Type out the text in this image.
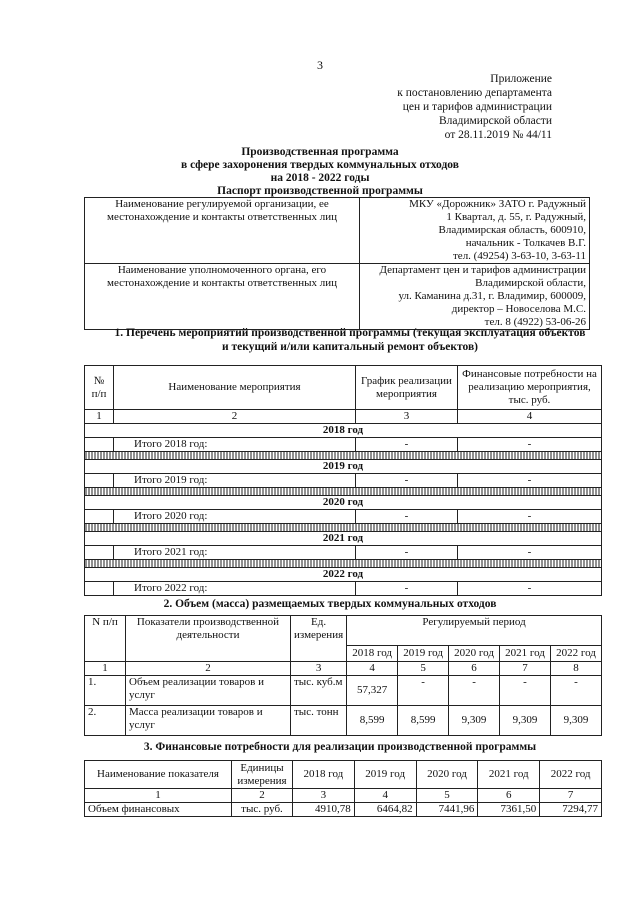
3
Приложение
к постановлению департамента
цен и тарифов администрации
Владимирской области
от 28.11.2019 № 44/11
Производственная программа
в сфере захоронения твердых коммунальных отходов
на 2018 - 2022 годы
Паспорт производственной программы
Наименование регулируемой организации, ее местонахождение и контакты ответственных лиц	МКУ «Дорожник» ЗАТО г. Радужный
1 Квартал, д. 55, г. Радужный,
Владимирская область, 600910,
начальник - Толкачев В.Г.
тел. (49254) 3-63-10, 3-63-11

Наименование уполномоченного органа, его местонахождение и контакты ответственных лиц	Департамент цен и тарифов администрации
Владимирской области,
ул. Каманина д.31, г. Владимир, 600009,
директор – Новоселова М.С.
тел. 8 (4922) 53-06-26
1. Перечень мероприятий производственной программы (текущая эксплуатация объектов и текущий и/или капитальный ремонт объектов)
№ п/п	Наименование мероприятия	График реализации мероприятия	Финансовые потребности на реализацию мероприятия, тыс. руб.
1	2	3	4
2018 год			
	Итого 2018 год:	-	-

2019 год			
	Итого 2019 год:	-	-

2020 год			
	Итого 2020 год:	-	-

2021 год			
	Итого 2021 год:	-	-

2022 год			
	Итого 2022 год:	-	-
2. Объем (масса) размещаемых твердых коммунальных отходов
N п/п	Показатели производственной деятельности	Ед. измерения	Регулируемый период				
			2018 год	2019 год	2020 год	2021 год	2022 год
1	2	3	4	5	6	7	8
1.	Объем реализации товаров и услуг	тыс. куб.м	57,327	-	-	-	-
2.	Масса реализации товаров и услуг	тыс. тонн	8,599	8,599	9,309	9,309	9,309
3. Финансовые потребности для реализации производственной программы
Наименование показателя	Единицы измерения	2018 год	2019 год	2020 год	2021 год	2022 год
1	2	3	4	5	6	7
Объем финансовых	тыс. руб.	4910,78	6464,82	7441,96	7361,50	7294,77
